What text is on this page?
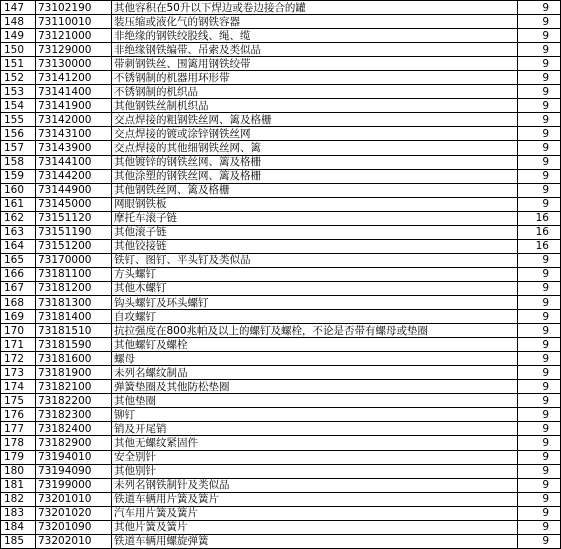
147	73102190	其他容积在50升以下焊边或卷边接合的罐	9
148	73110010	装压缩或液化气的钢铁容器	9
149	73121000	非绝缘的钢铁绞股线、绳、缆	9
150	73129000	非绝缘钢铁编带、吊索及类似品	9
151	73130000	带刺钢铁丝、围篱用钢铁绞带	9
152	73141200	不锈钢制的机器用环形带	9
153	73141400	不锈钢制的机织品	9
154	73141900	其他钢铁丝制机织品	9
155	73142000	交点焊接的粗钢铁丝网、篱及格栅	9
156	73143100	交点焊接的镀或涂锌钢铁丝网	9
157	73143900	交点焊接的其他细钢铁丝网、篱	9
158	73144100	其他镀锌的钢铁丝网、篱及格栅	9
159	73144200	其他涂塑的钢铁丝网、篱及格栅	9
160	73144900	其他钢铁丝网、篱及格栅	9
161	73145000	网眼钢铁板	9
162	73151120	摩托车滚子链	16
163	73151190	其他滚子链	16
164	73151200	其他铰接链	16
165	73170000	铁钉、图钉、平头钉及类似品	9
166	73181100	方头螺钉	9
167	73181200	其他木螺钉	9
168	73181300	钩头螺钉及环头螺钉	9
169	73181400	自攻螺钉	9
170	73181510	抗拉强度在800兆帕及以上的螺钉及螺栓，不论是否带有螺母或垫圈	9
171	73181590	其他螺钉及螺栓	9
172	73181600	螺母	9
173	73181900	未列名螺纹制品	9
174	73182100	弹簧垫圈及其他防松垫圈	9
175	73182200	其他垫圈	9
176	73182300	铆钉	9
177	73182400	销及开尾销	9
178	73182900	其他无螺纹紧固件	9
179	73194010	安全别针	9
180	73194090	其他别针	9
181	73199000	未列名钢铁制针及类似品	9
182	73201010	铁道车辆用片簧及簧片	9
183	73201020	汽车用片簧及簧片	9
184	73201090	其他片簧及簧片	9
185	73202010	铁道车辆用螺旋弹簧	9
